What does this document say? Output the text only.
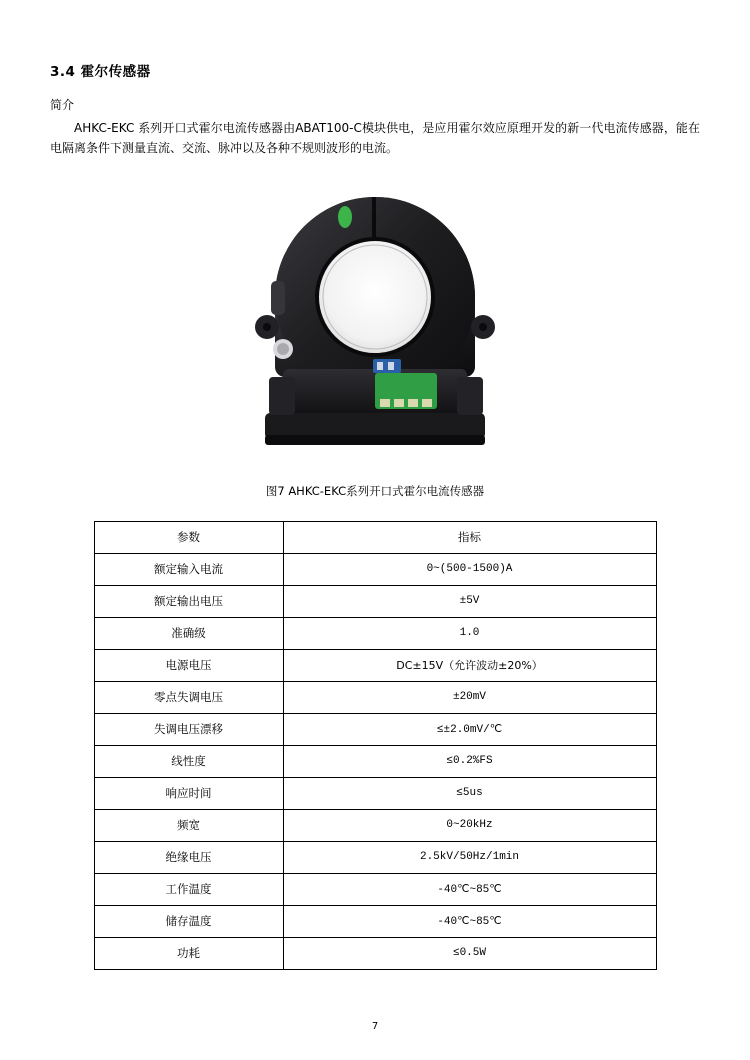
3.4 霍尔传感器
简介

AHKC-EKC 系列开口式霍尔电流传感器由ABAT100-C模块供电，是应用霍尔效应原理开发的新一代电流传感器，能在电隔离条件下测量直流、交流、脉冲以及各种不规则波形的电流。

图7 AHKC-EKC系列开口式霍尔电流传感器
参数	指标
额定输入电流	0~(500-1500)A
额定输出电压	±5V
准确级	1.0
电源电压	DC±15V（允许波动±20%）
零点失调电压	±20mV
失调电压漂移	≤±2.0mV/℃
线性度	≤0.2%FS
响应时间	≤5us
频宽	0~20kHz
绝缘电压	2.5kV/50Hz/1min
工作温度	-40℃~85℃
储存温度	-40℃~85℃
功耗	≤0.5W
7
